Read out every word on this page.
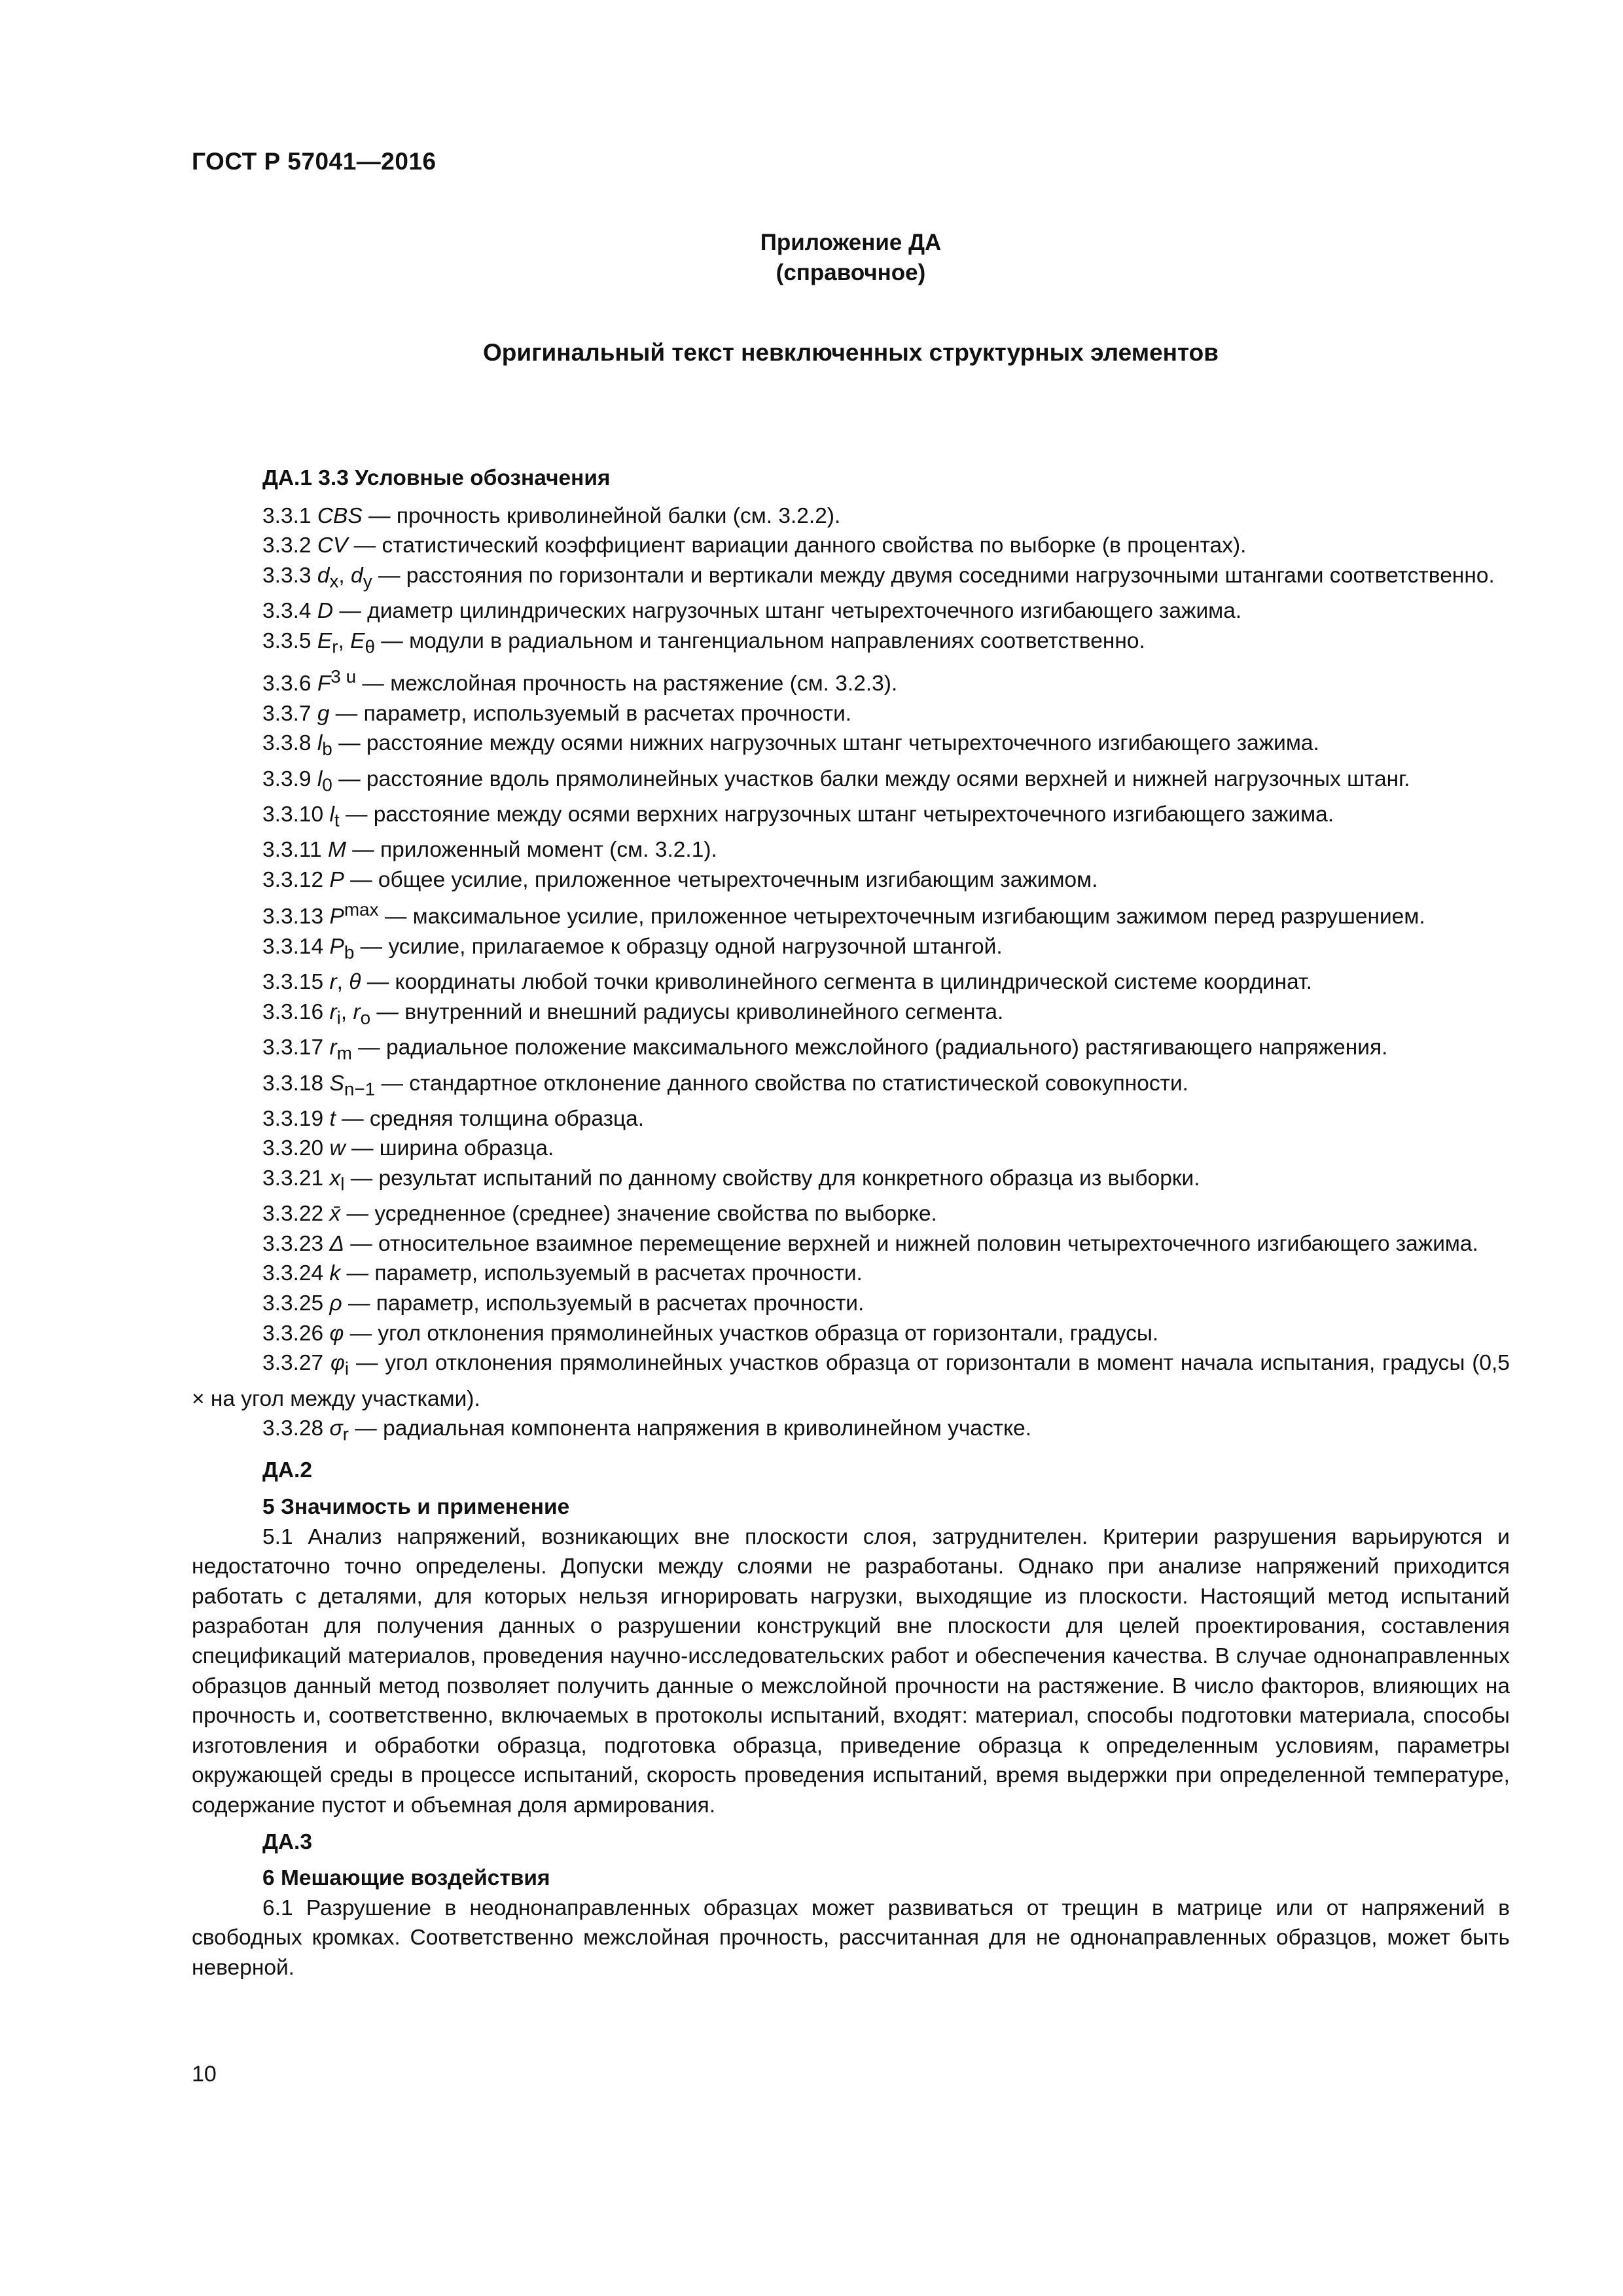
ГОСТ Р 57041—2016
Приложение ДА
(справочное)
Оригинальный текст невключенных структурных элементов
ДА.1 3.3 Условные обозначения

3.3.1 CBS — прочность криволинейной балки (см. 3.2.2).

3.3.2 CV — статистический коэффициент вариации данного свойства по выборке (в процентах).

3.3.3 $d_x$, $d_y$ — расстояния по горизонтали и вертикали между двумя соседними нагрузочными штангами соответственно.

3.3.4 D — диаметр цилиндрических нагрузочных штанг четырехточечного изгибающего зажима.

3.3.5 $E_r$, $E_\theta$ — модули в радиальном и тангенциальном направлениях соответственно.

3.3.6 $F^{3 u}$ — межслойная прочность на растяжение (см. 3.2.3).

3.3.7 g — параметр, используемый в расчетах прочности.

3.3.8 $l_b$ — расстояние между осями нижних нагрузочных штанг четырехточечного изгибающего зажима.

3.3.9 $l_0$ — расстояние вдоль прямолинейных участков балки между осями верхней и нижней нагрузочных штанг.

3.3.10 $l_t$ — расстояние между осями верхних нагрузочных штанг четырехточечного изгибающего зажима.

3.3.11 M — приложенный момент (см. 3.2.1).

3.3.12 P — общее усилие, приложенное четырехточечным изгибающим зажимом.

3.3.13 $P^{max}$ — максимальное усилие, приложенное четырехточечным изгибающим зажимом перед разрушением.

3.3.14 $P_b$ — усилие, прилагаемое к образцу одной нагрузочной штангой.

3.3.15 r, θ — координаты любой точки криволинейного сегмента в цилиндрической системе координат.

3.3.16 $r_i$, $r_o$ — внутренний и внешний радиусы криволинейного сегмента.

3.3.17 $r_m$ — радиальное положение максимального межслойного (радиального) растягивающего напряжения.

3.3.18 $S_{n-1}$ — стандартное отклонение данного свойства по статистической совокупности.

3.3.19 t — средняя толщина образца.

3.3.20 w — ширина образца.

3.3.21 $x_l$ — результат испытаний по данному свойству для конкретного образца из выборки.

3.3.22 x̄ — усредненное (среднее) значение свойства по выборке.

3.3.23 Δ — относительное взаимное перемещение верхней и нижней половин четырехточечного изгибающего зажима.

3.3.24 k — параметр, используемый в расчетах прочности.

3.3.25 ρ — параметр, используемый в расчетах прочности.

3.3.26 φ — угол отклонения прямолинейных участков образца от горизонтали, градусы.

3.3.27 $\varphi_i$ — угол отклонения прямолинейных участков образца от горизонтали в момент начала испытания, градусы (0,5 × на угол между участками).

3.3.28 $\sigma_r$ — радиальная компонента напряжения в криволинейном участке.

ДА.2
5 Значимость и применение

5.1 Анализ напряжений, возникающих вне плоскости слоя, затруднителен. Критерии разрушения варьируются и недостаточно точно определены. Допуски между слоями не разработаны. Однако при анализе напряжений приходится работать с деталями, для которых нельзя игнорировать нагрузки, выходящие из плоскости. Настоящий метод испытаний разработан для получения данных о разрушении конструкций вне плоскости для целей проектирования, составления спецификаций материалов, проведения научно-исследовательских работ и обеспечения качества. В случае однонаправленных образцов данный метод позволяет получить данные о межслойной прочности на растяжение. В число факторов, влияющих на прочность и, соответственно, включаемых в протоколы испытаний, входят: материал, способы подготовки материала, способы изготовления и обработки образца, подготовка образца, приведение образца к определенным условиям, параметры окружающей среды в процессе испытаний, скорость проведения испытаний, время выдержки при определенной температуре, содержание пустот и объемная доля армирования.

ДА.3
6 Мешающие воздействия

6.1 Разрушение в неоднонаправленных образцах может развиваться от трещин в матрице или от напряжений в свободных кромках. Соответственно межслойная прочность, рассчитанная для не однонаправленных образцов, может быть неверной.

10
